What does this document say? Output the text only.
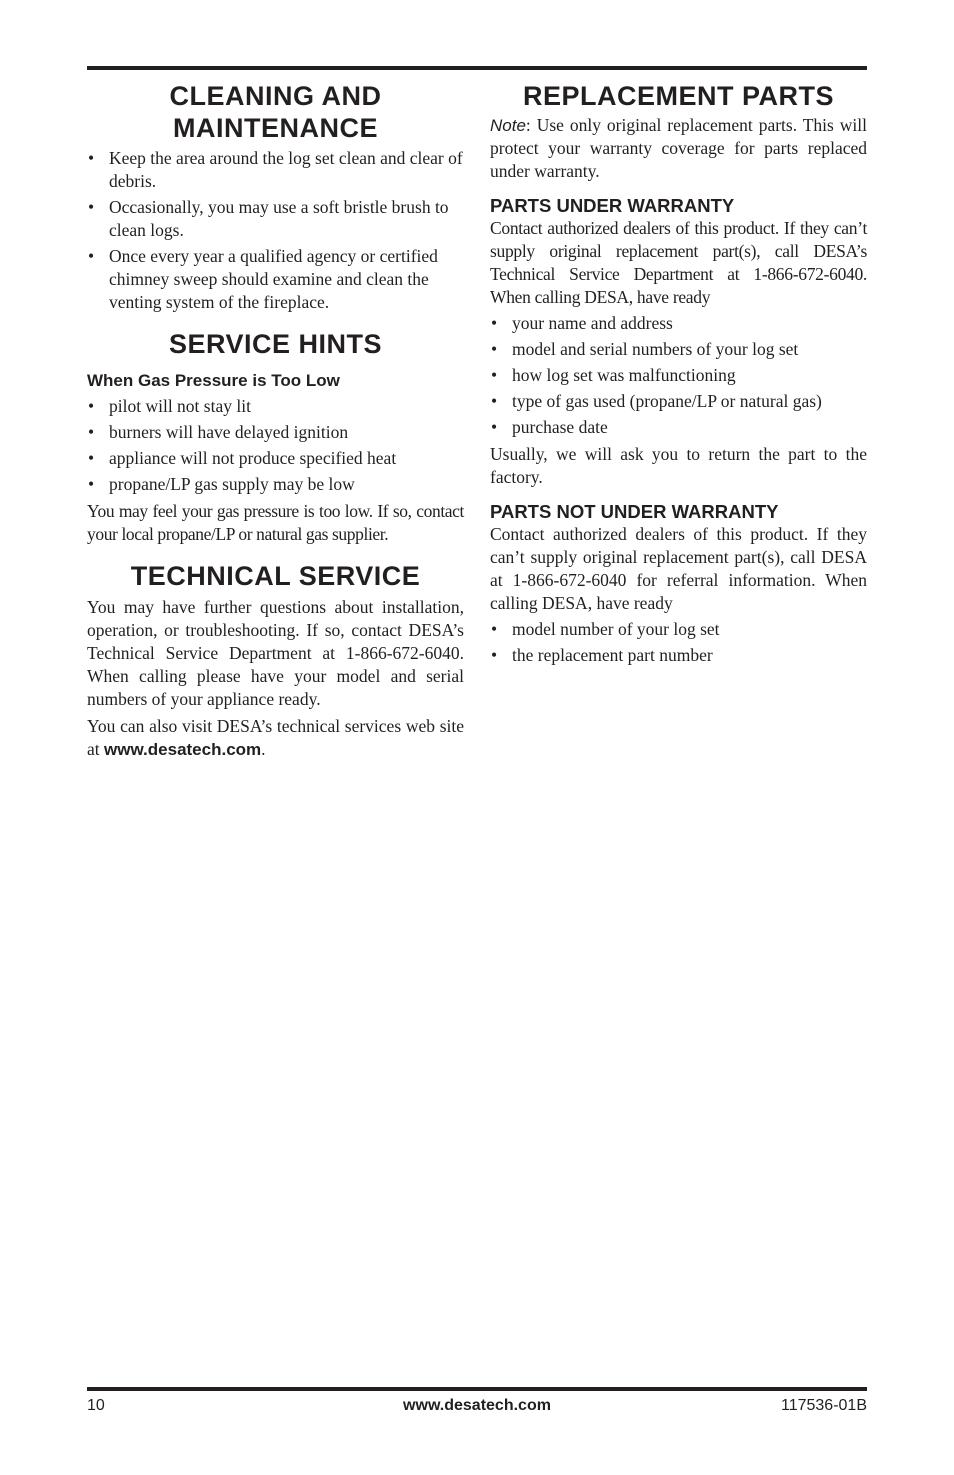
CLEANING AND
MAINTENANCE
• Keep the area around the log set clean and clear of debris.
• Occasionally, you may use a soft bristle brush to clean logs.
• Once every year a qualified agency or certified chimney sweep should examine and clean the venting system of the fireplace.
SERVICE HINTS
When Gas Pressure is Too Low
• pilot will not stay lit
• burners will have delayed ignition
• appliance will not produce specified heat
• propane/LP gas supply may be low

You may feel your gas pressure is too low. If so, contact your local propane/LP or natural gas supplier.

TECHNICAL SERVICE

You may have further questions about installation, operation, or troubleshooting. If so, contact DESA’s Technical Service Department at 1-866-672-6040. When calling please have your model and serial numbers of your appliance ready.

You can also visit DESA’s technical services web site at www.desatech.com.

REPLACEMENT PARTS

Note: Use only original replacement parts. This will protect your warranty coverage for parts replaced under warranty.

PARTS UNDER WARRANTY

Contact authorized dealers of this product. If they can’t supply original replacement part(s), call DESA’s Technical Service Department at 1-866-672-6040. When calling DESA, have ready

• your name and address
• model and serial numbers of your log set
• how log set was malfunctioning
• type of gas used (propane/LP or natural gas)
• purchase date

Usually, we will ask you to return the part to the factory.

PARTS NOT UNDER WARRANTY

Contact authorized dealers of this product. If they can’t supply original replacement part(s), call DESA at 1-866-672-6040 for referral information. When calling DESA, have ready

• model number of your log set
• the replacement part number
10	www.desatech.com	117536-01B
